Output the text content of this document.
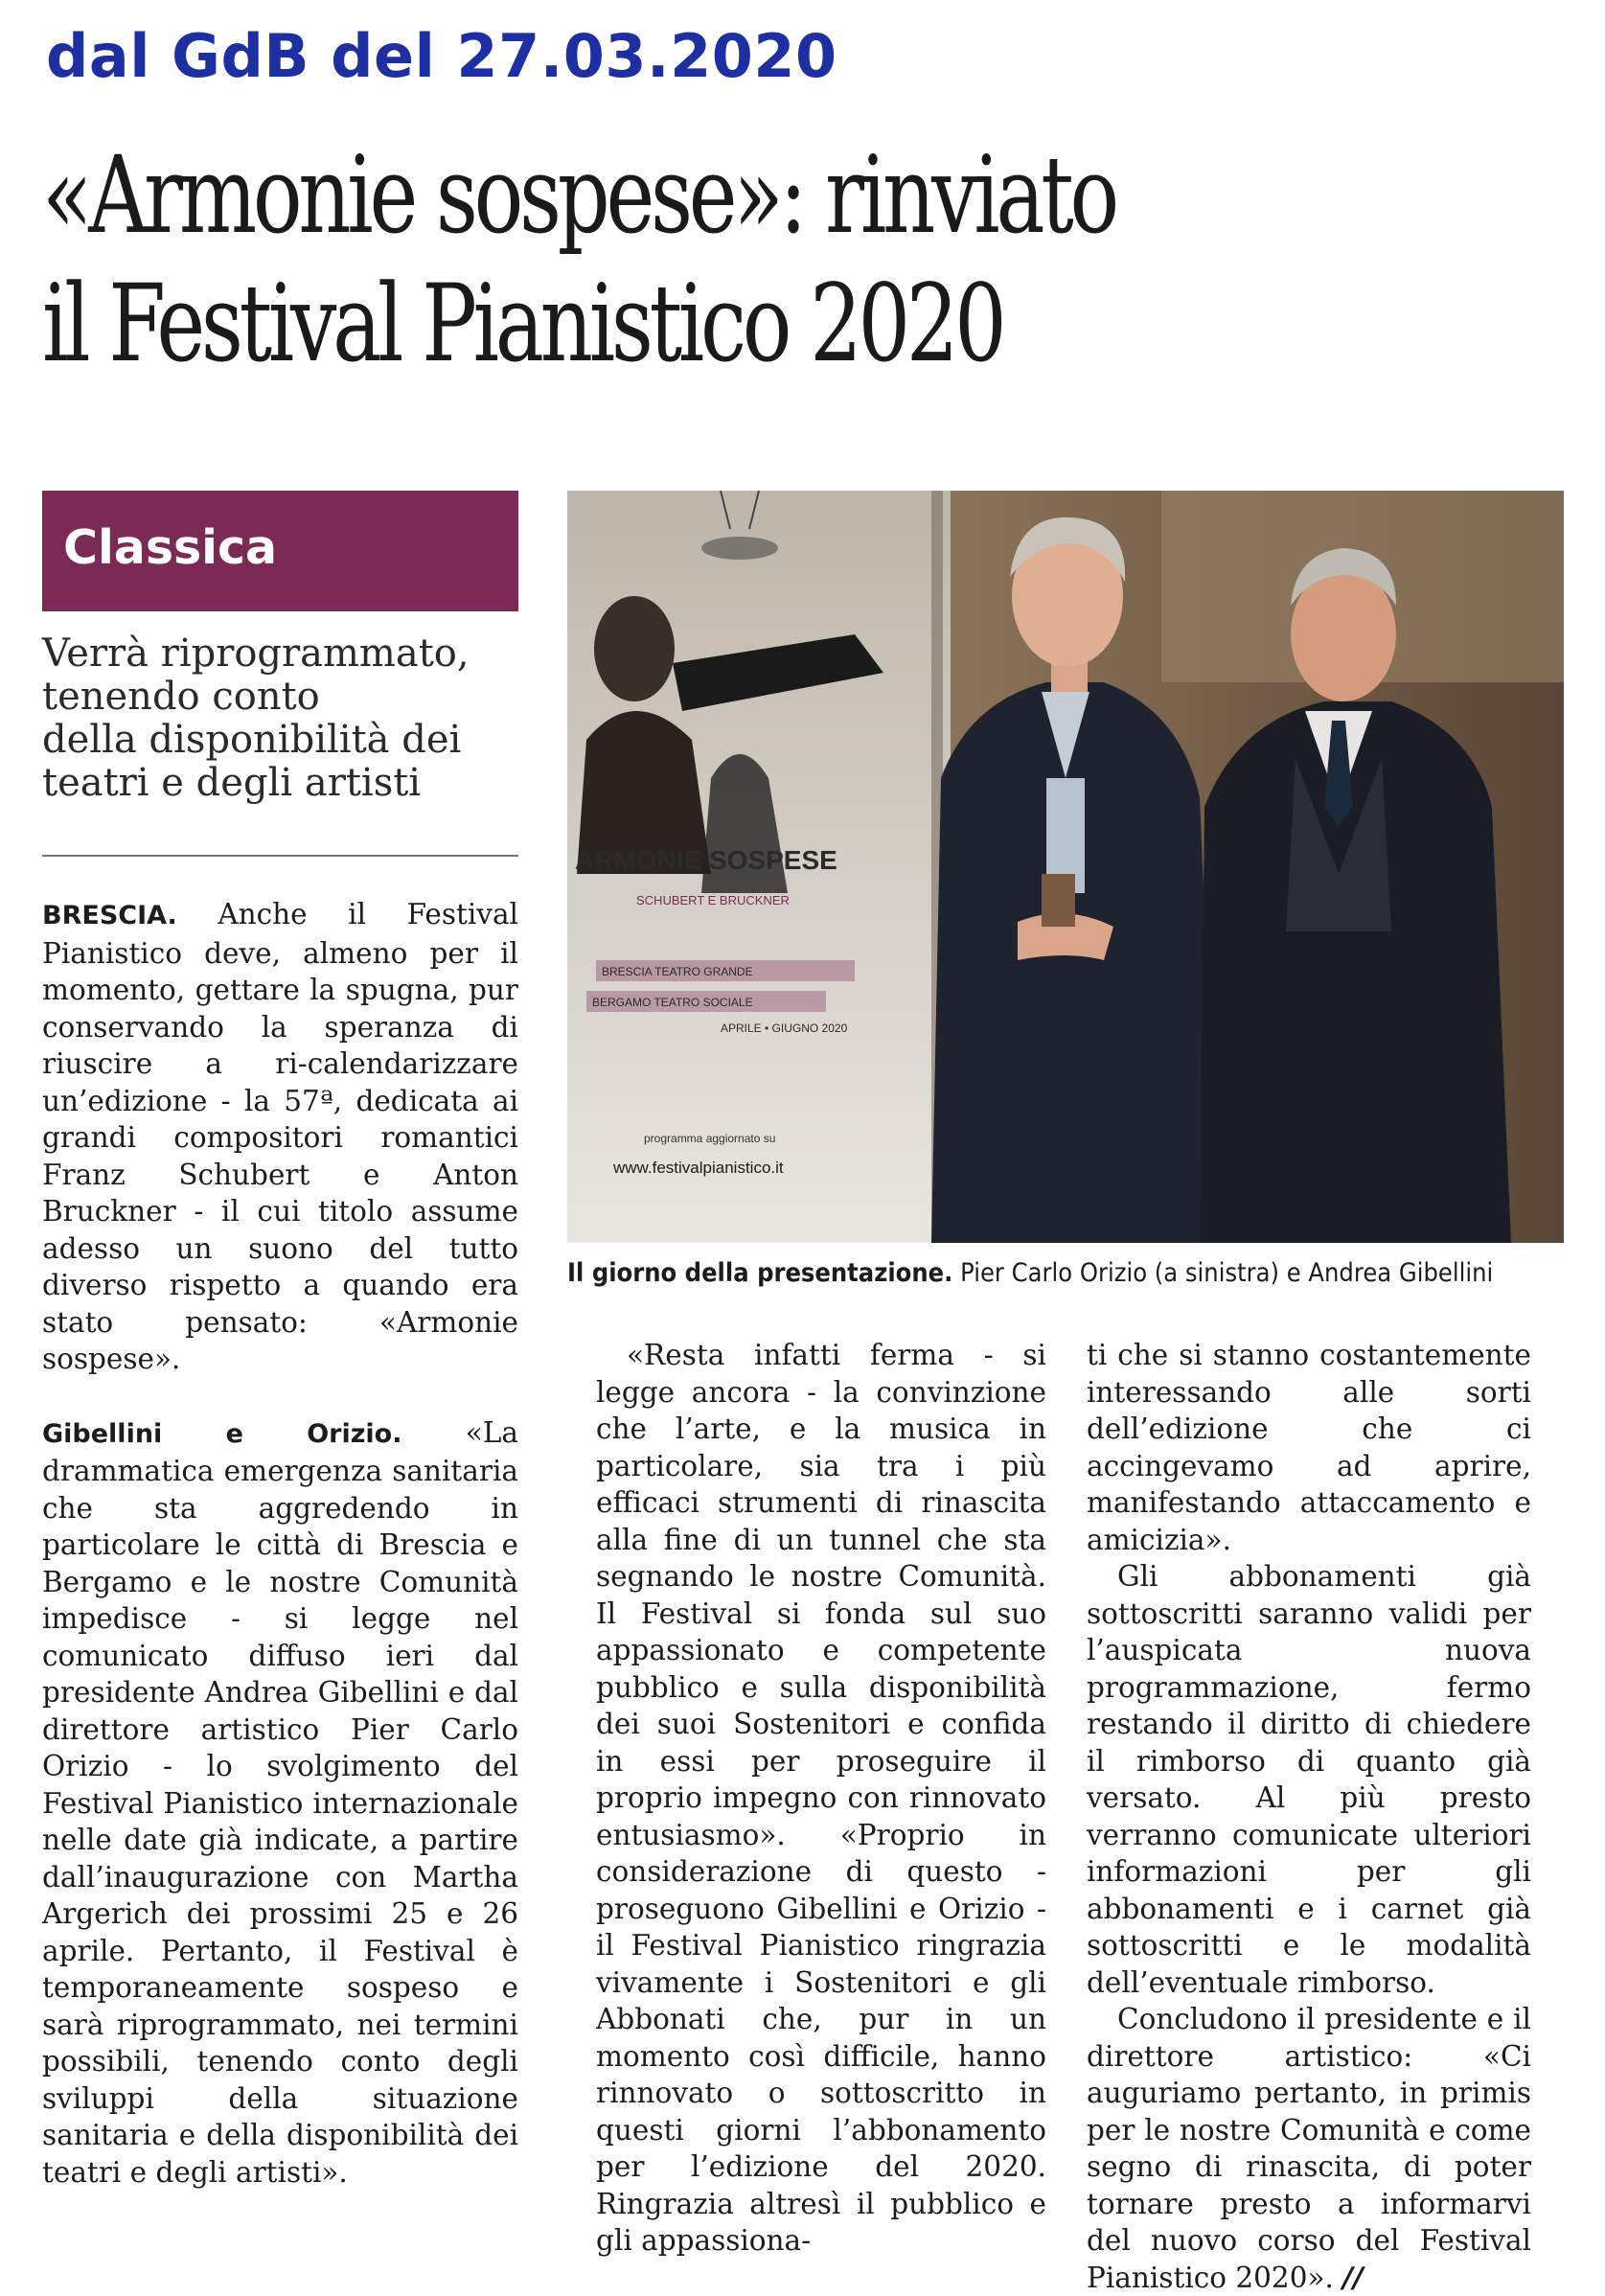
dal GdB del 27.03.2020
«Armonie sospese»: rinviato
il Festival Pianistico 2020
Classica
Verrà riprogrammato,
tenendo conto
della disponibilità dei
teatri e degli artisti

BRESCIA. Anche il Festival Pianistico deve, almeno per il momento, gettare la spugna, pur conservando la speranza di riuscire a ri-calendarizzare un’edizione - la 57ª, dedicata ai grandi compositori romantici Franz Schubert e Anton Bruckner - il cui titolo assume adesso un suono del tutto diverso rispetto a quando era stato pensato: «Armonie sospese».

Gibellini e Orizio. «La drammatica emergenza sanitaria che sta aggredendo in particolare le città di Brescia e Bergamo e le nostre Comunità impedisce - si legge nel comunicato diffuso ieri dal presidente Andrea Gibellini e dal direttore artistico Pier Carlo Orizio - lo svolgimento del Festival Pianistico internazionale nelle date già indicate, a partire dall’inaugurazione con Martha Argerich dei prossimi 25 e 26 aprile. Pertanto, il Festival è temporaneamente sospeso e sarà riprogrammato, nei termini possibili, tenendo conto degli sviluppi della situazione sanitaria e della disponibilità dei teatri e degli artisti».

ARMONIE SOSPESE
SCHUBERT E BRUCKNER
BRESCIA TEATRO GRANDE
BERGAMO TEATRO SOCIALE
APRILE • GIUGNO 2020
programma aggiornato su
www.festivalpianistico.it
Il giorno della presentazione. Pier Carlo Orizio (a sinistra) e Andrea Gibellini

«Resta infatti ferma - si legge ancora - la convinzione che l’arte, e la musica in particolare, sia tra i più efficaci strumenti di rinascita alla fine di un tunnel che sta segnando le nostre Comunità. Il Festival si fonda sul suo appassionato e competente pubblico e sulla disponibilità dei suoi Sostenitori e confida in essi per proseguire il proprio impegno con rinnovato entusiasmo». «Proprio in considerazione di questo - proseguono Gibellini e Orizio - il Festival Pianistico ringrazia vivamente i Sostenitori e gli Abbonati che, pur in un momento così difficile, hanno rinnovato o sottoscritto in questi giorni l’abbonamento per l’edizione del 2020. Ringrazia altresì il pubblico e gli appassiona-

ti che si stanno costantemente interessando alle sorti dell’edizione che ci accingevamo ad aprire, manifestando attaccamento e amicizia».

Gli abbonamenti già sottoscritti saranno validi per l’auspicata nuova programmazione, fermo restando il diritto di chiedere il rimborso di quanto già versato. Al più presto verranno comunicate ulteriori informazioni per gli abbonamenti e i carnet già sottoscritti e le modalità dell’eventuale rimborso.

Concludono il presidente e il direttore artistico: «Ci auguriamo pertanto, in primis per le nostre Comunità e come segno di rinascita, di poter tornare presto a informarvi del nuovo corso del Festival Pianistico 2020». //
